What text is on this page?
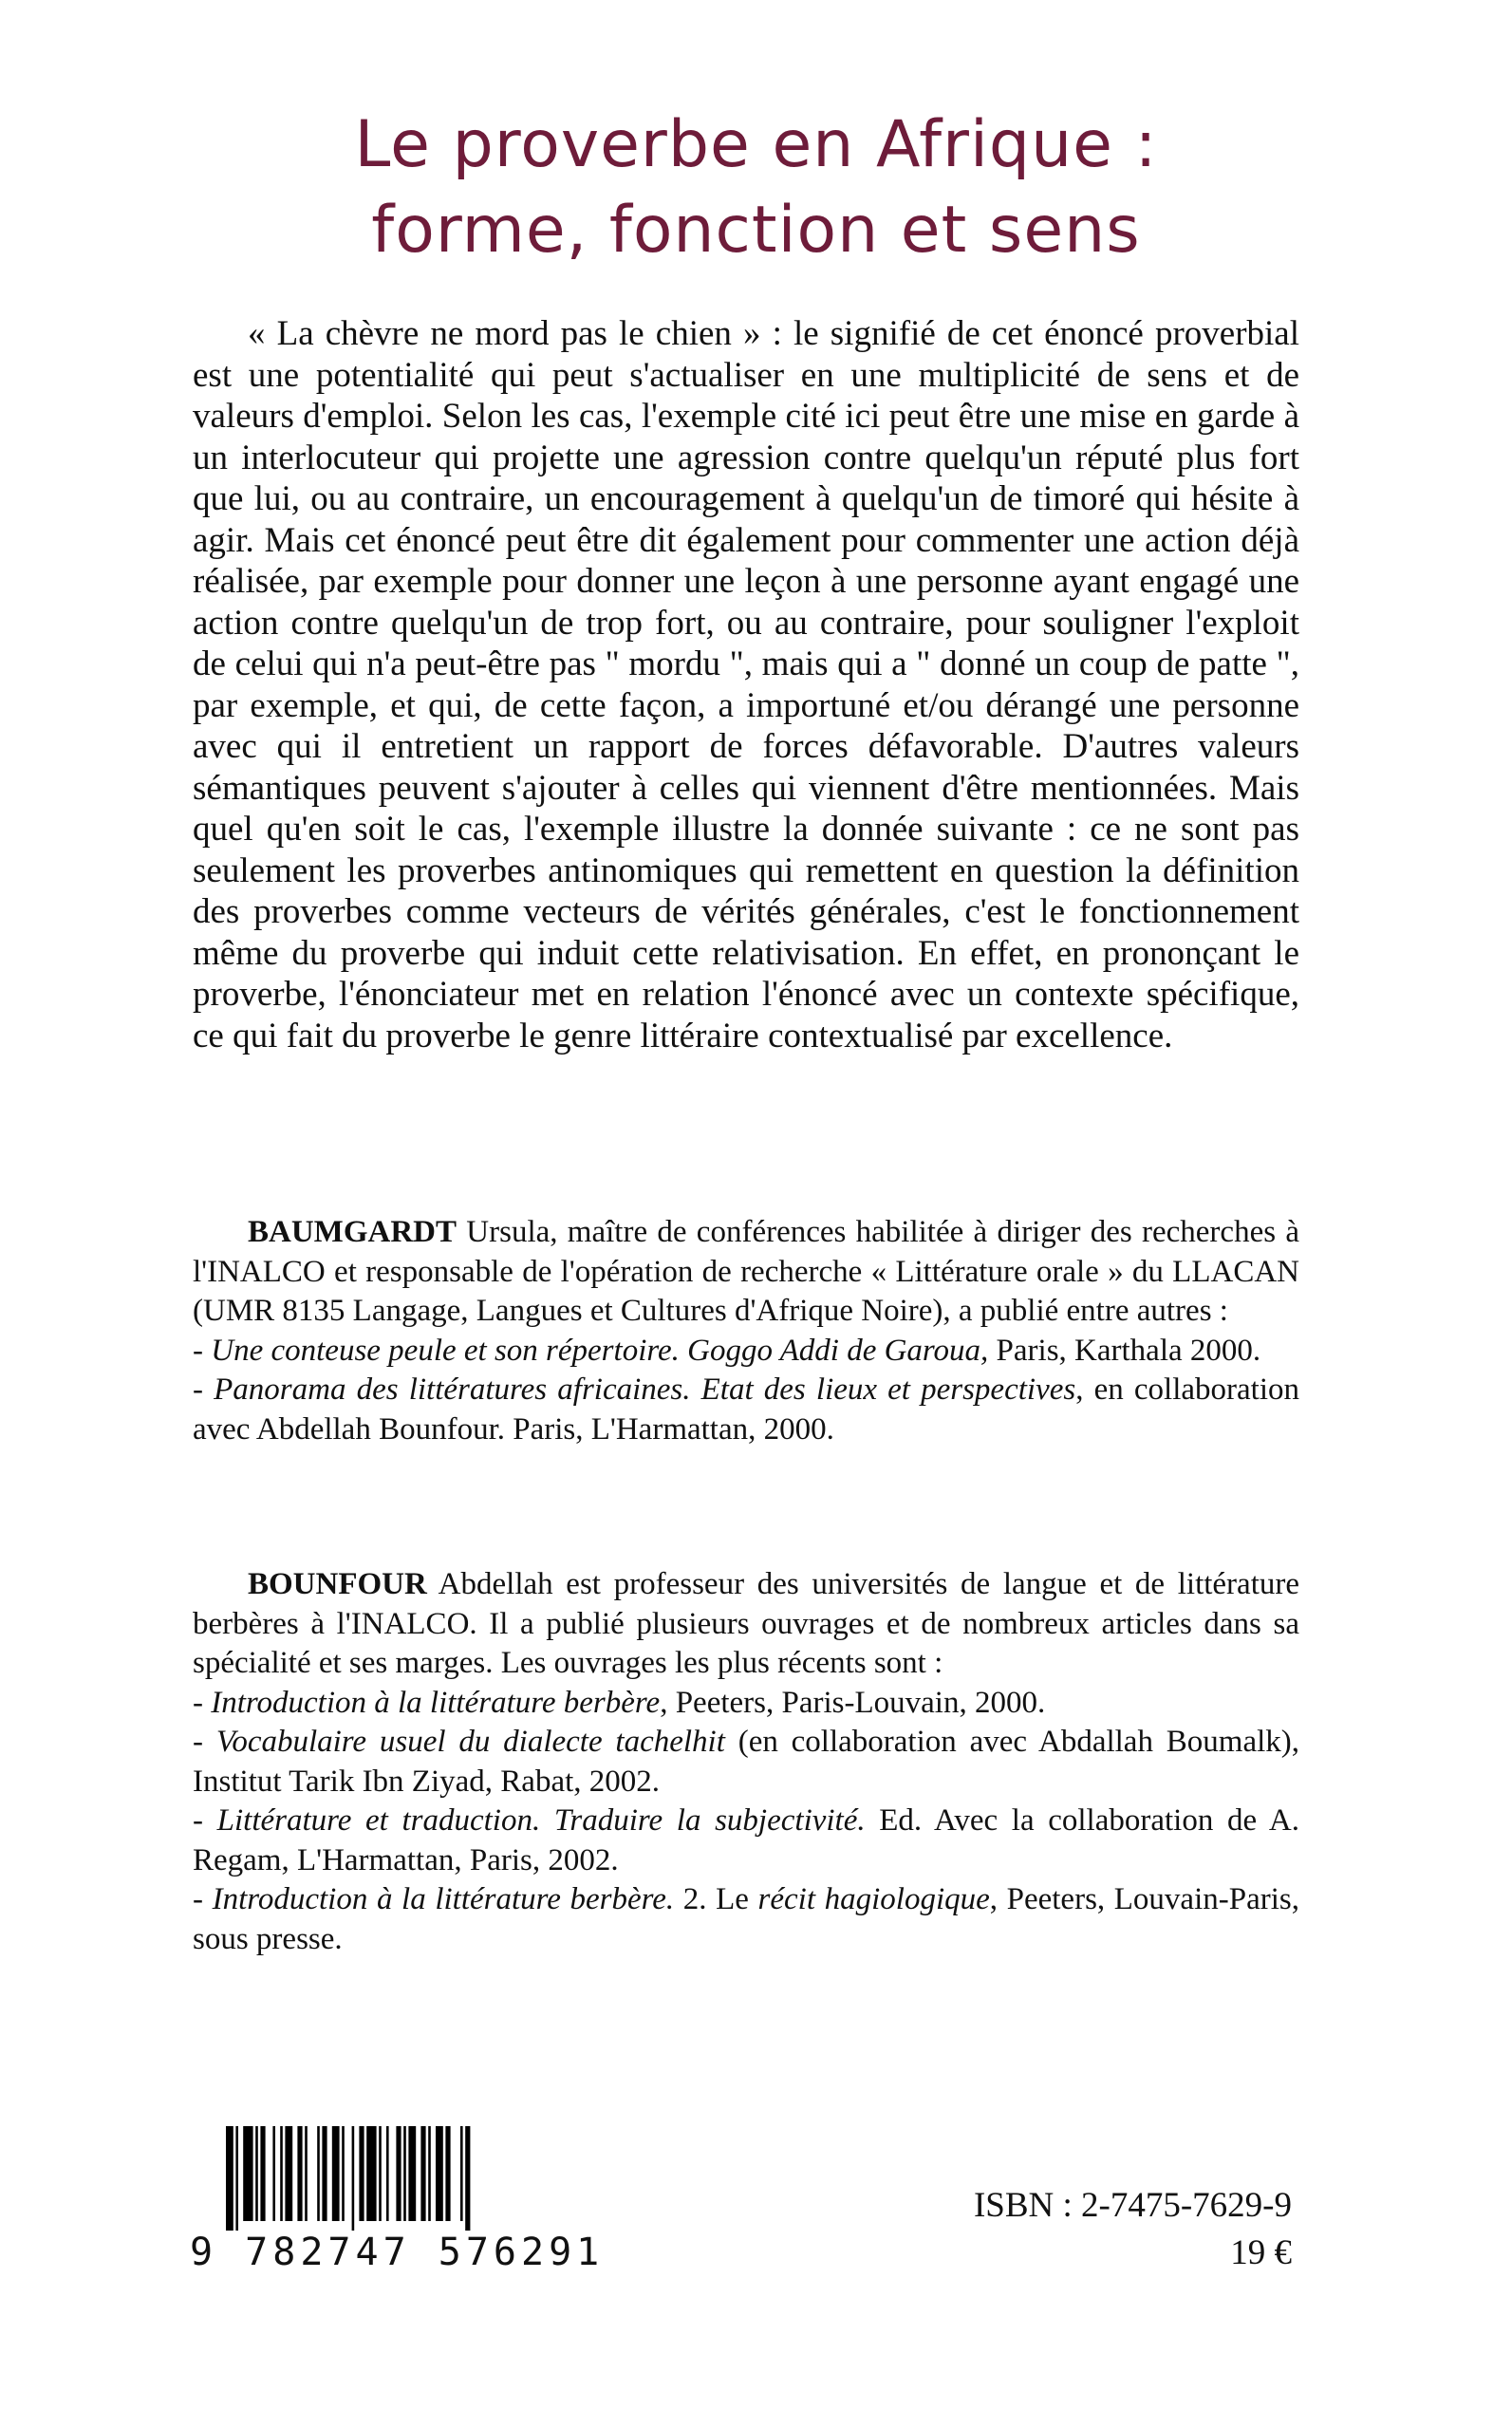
Le proverbe en Afrique :
forme, fonction et sens

« La chèvre ne mord pas le chien » : le signifié de cet énoncé proverbial est une potentialité qui peut s'actualiser en une multiplicité de sens et de valeurs d'emploi. Selon les cas, l'exemple cité ici peut être une mise en garde à un interlocuteur qui projette une agression contre quelqu'un réputé plus fort que lui, ou au contraire, un encouragement à quelqu'un de timoré qui hésite à agir. Mais cet énoncé peut être dit également pour commenter une action déjà réalisée, par exemple pour donner une leçon à une personne ayant engagé une action contre quelqu'un de trop fort, ou au contraire, pour souligner l'exploit de celui qui n'a peut-être pas " mordu ", mais qui a " donné un coup de patte ", par exemple, et qui, de cette façon, a importuné et/ou dérangé une personne avec qui il entretient un rapport de forces défavorable. D'autres valeurs sémantiques peuvent s'ajouter à celles qui viennent d'être mentionnées. Mais quel qu'en soit le cas, l'exemple illustre la donnée suivante : ce ne sont pas seulement les proverbes antinomiques qui remettent en question la définition des proverbes comme vecteurs de vérités générales, c'est le fonctionnement même du proverbe qui induit cette relativisation. En effet, en prononçant le proverbe, l'énonciateur met en relation l'énoncé avec un contexte spécifique, ce qui fait du proverbe le genre littéraire contextualisé par excellence.

BAUMGARDT Ursula, maître de conférences habilitée à diriger des recherches à l'INALCO et responsable de l'opération de recherche « Littérature orale » du LLACAN (UMR 8135 Langage, Langues et Cultures d'Afrique Noire), a publié entre autres :

- Une conteuse peule et son répertoire. Goggo Addi de Garoua, Paris, Karthala 2000.
- Panorama des littératures africaines. Etat des lieux et perspectives, en collaboration avec Abdellah Bounfour. Paris, L'Harmattan, 2000.

BOUNFOUR Abdellah est professeur des universités de langue et de littérature berbères à l'INALCO. Il a publié plusieurs ouvrages et de nombreux articles dans sa spécialité et ses marges. Les ouvrages les plus récents sont :

- Introduction à la littérature berbère, Peeters, Paris-Louvain, 2000.
- Vocabulaire usuel du dialecte tachelhit (en collaboration avec Abdallah Boumalk), Institut Tarik Ibn Ziyad, Rabat, 2002.
- Littérature et traduction. Traduire la subjectivité. Ed. Avec la collaboration de A. Regam, L'Harmattan, Paris, 2002.
- Introduction à la littérature berbère. 2. Le récit hagiologique, Peeters, Louvain-Paris, sous presse.
9 782747 576291
ISBN : 2-7475-7629-9
19 €
